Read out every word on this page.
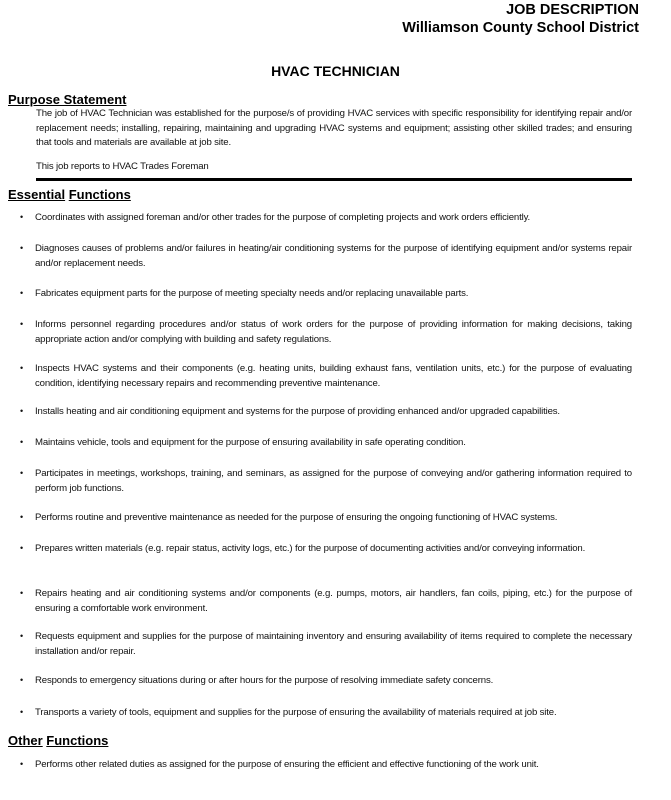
JOB DESCRIPTION
Williamson County School District
HVAC TECHNICIAN
Purpose Statement
The job of HVAC Technician was established for the purpose/s of providing HVAC services with specific responsibility for identifying repair and/or replacement needs; installing, repairing, maintaining and upgrading HVAC systems and equipment; assisting other skilled trades; and ensuring that tools and materials are available at job site.
This job reports to HVAC Trades Foreman
Essential Functions
• Coordinates with assigned foreman and/or other trades for the purpose of completing projects and work orders efficiently.
• Diagnoses causes of problems and/or failures in heating/air conditioning systems for the purpose of identifying equipment and/or systems repair and/or replacement needs.
• Fabricates equipment parts for the purpose of meeting specialty needs and/or replacing unavailable parts.
• Informs personnel regarding procedures and/or status of work orders for the purpose of providing information for making decisions, taking appropriate action and/or complying with building and safety regulations.
• Inspects HVAC systems and their components (e.g. heating units, building exhaust fans, ventilation units, etc.) for the purpose of evaluating condition, identifying necessary repairs and recommending preventive maintenance.
• Installs heating and air conditioning equipment and systems for the purpose of providing enhanced and/or upgraded capabilities.
• Maintains vehicle, tools and equipment for the purpose of ensuring availability in safe operating condition.
• Participates in meetings, workshops, training, and seminars, as assigned for the purpose of conveying and/or gathering information required to perform job functions.
• Performs routine and preventive maintenance as needed for the purpose of ensuring the ongoing functioning of HVAC systems.
• Prepares written materials (e.g. repair status, activity logs, etc.) for the purpose of documenting activities and/or conveying information.
• Repairs heating and air conditioning systems and/or components (e.g. pumps, motors, air handlers, fan coils, piping, etc.) for the purpose of ensuring a comfortable work environment.
• Requests equipment and supplies for the purpose of maintaining inventory and ensuring availability of items required to complete the necessary installation and/or repair.
• Responds to emergency situations during or after hours for the purpose of resolving immediate safety concerns.
• Transports a variety of tools, equipment and supplies for the purpose of ensuring the availability of materials required at job site.
Other Functions
• Performs other related duties as assigned for the purpose of ensuring the efficient and effective functioning of the work unit.
